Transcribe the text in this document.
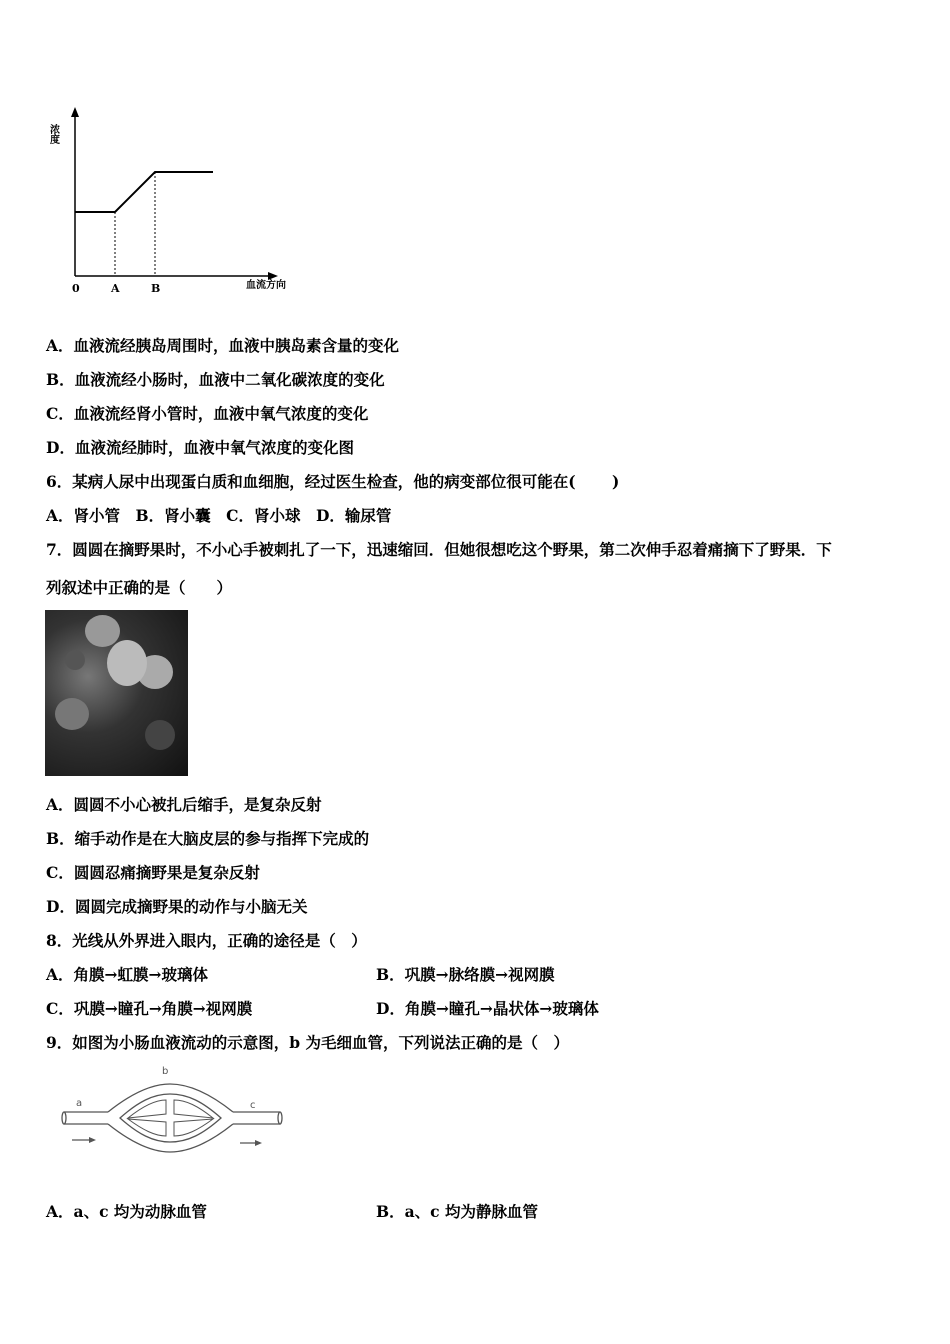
浓度
0	A	B	血流方向
A．血液流经胰岛周围时，血液中胰岛素含量的变化
B．血液流经小肠时，血液中二氧化碳浓度的变化
C．血液流经肾小管时，血液中氧气浓度的变化
D．血液流经肺时，血液中氧气浓度的变化图
6．某病人尿中出现蛋白质和血细胞，经过医生检查，他的病变部位很可能在(　　 )
A．肾小管　B．肾小囊　C．肾小球　D．输尿管
7．圆圆在摘野果时，不小心手被刺扎了一下，迅速缩回．但她很想吃这个野果，第二次伸手忍着痛摘下了野果．下
列叙述中正确的是（　　）
A．圆圆不小心被扎后缩手，是复杂反射
B．缩手动作是在大脑皮层的参与指挥下完成的
C．圆圆忍痛摘野果是复杂反射
D．圆圆完成摘野果的动作与小脑无关
8．光线从外界进入眼内，正确的途径是（　）
A．角膜→虹膜→玻璃体	B．巩膜→脉络膜→视网膜
C．巩膜→瞳孔→角膜→视网膜	D．角膜→瞳孔→晶状体→玻璃体
9．如图为小肠血液流动的示意图，b 为毛细血管，下列说法正确的是（　）
a
b
c
A．a、c 均为动脉血管	B．a、c 均为静脉血管
